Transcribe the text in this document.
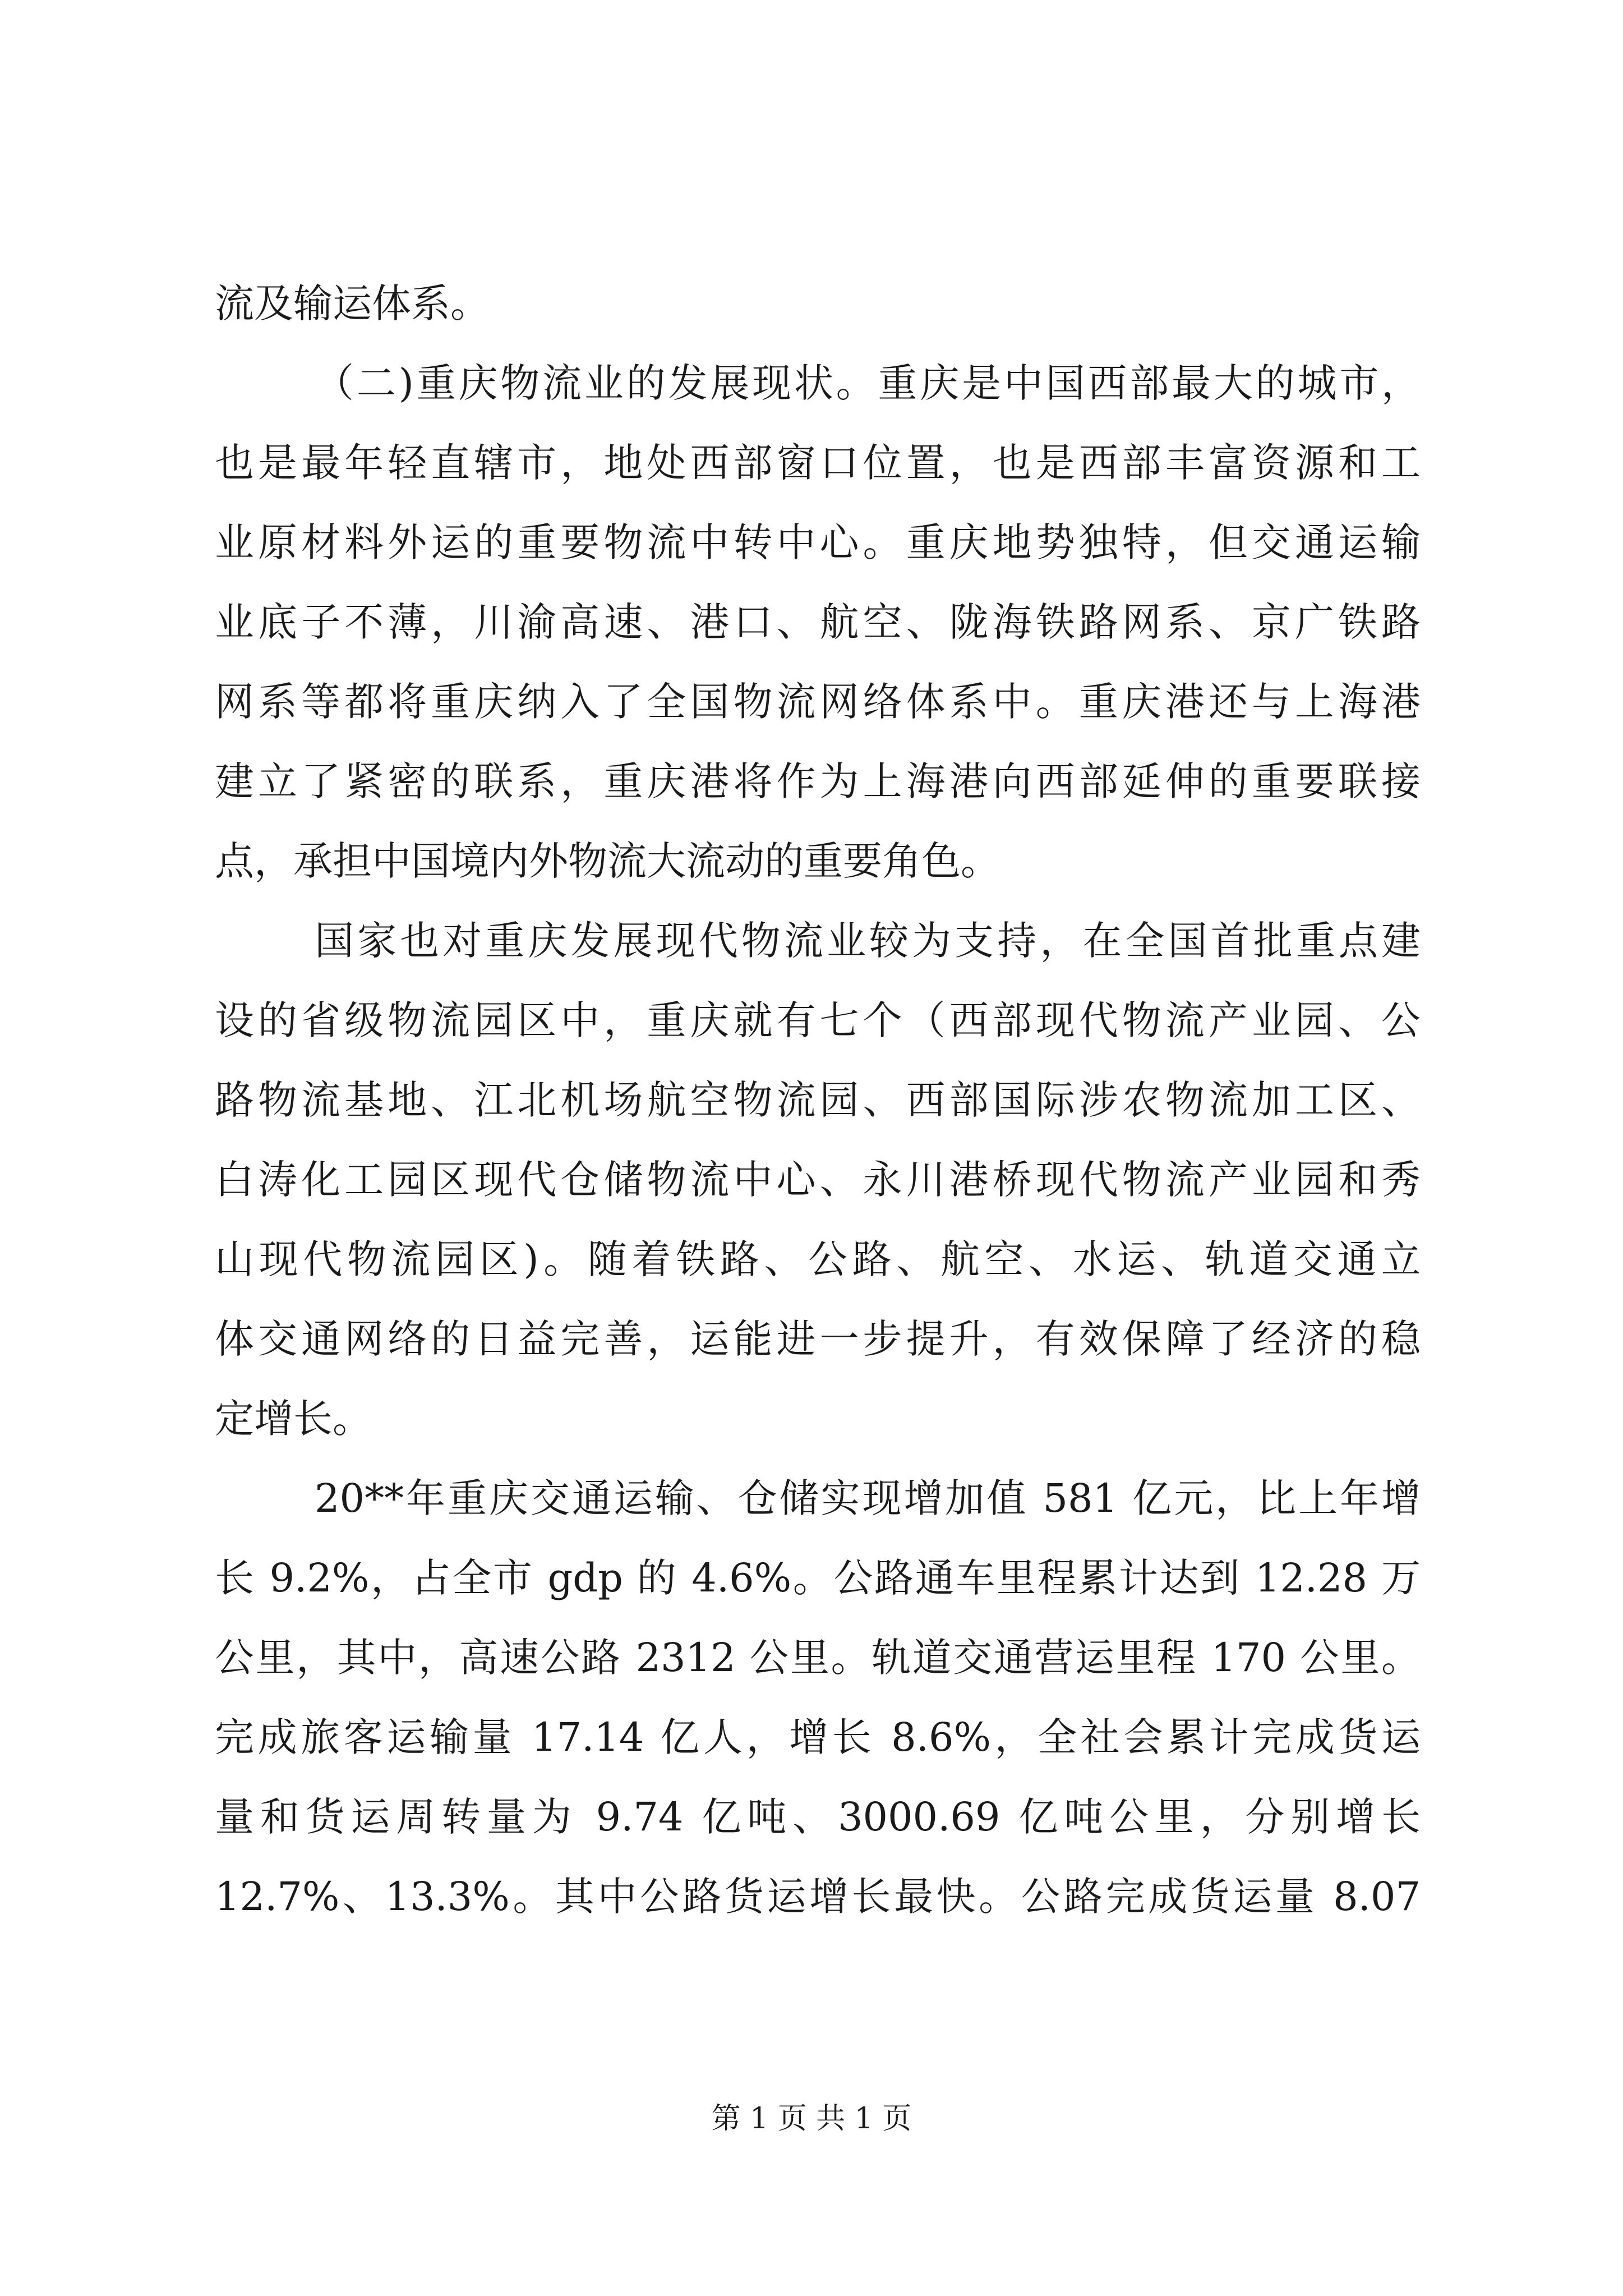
流及输运体系。
（二)重庆物流业的发展现状。重庆是中国西部最大的城市，
也是最年轻直辖市，地处西部窗口位置，也是西部丰富资源和工
业原材料外运的重要物流中转中心。重庆地势独特，但交通运输
业底子不薄，川渝高速、港口、航空、陇海铁路网系、京广铁路
网系等都将重庆纳入了全国物流网络体系中。重庆港还与上海港
建立了紧密的联系，重庆港将作为上海港向西部延伸的重要联接
点，承担中国境内外物流大流动的重要角色。
国家也对重庆发展现代物流业较为支持，在全国首批重点建
设的省级物流园区中，重庆就有七个（西部现代物流产业园、公
路物流基地、江北机场航空物流园、西部国际涉农物流加工区、
白涛化工园区现代仓储物流中心、永川港桥现代物流产业园和秀
山现代物流园区)。随着铁路、公路、航空、水运、轨道交通立
体交通网络的日益完善，运能进一步提升，有效保障了经济的稳
定增长。
20**年重庆交通运输、仓储实现增加值 581 亿元，比上年增
长 9.2%，占全市 gdp 的 4.6%。公路通车里程累计达到 12.28 万
公里，其中，高速公路 2312 公里。轨道交通营运里程 170 公里。
完成旅客运输量 17.14 亿人，增长 8.6%，全社会累计完成货运
量和货运周转量为 9.74 亿吨、3000.69 亿吨公里，分别增长
12.7%、13.3%。其中公路货运增长最快。公路完成货运量 8.07
第 1 页 共 1 页
